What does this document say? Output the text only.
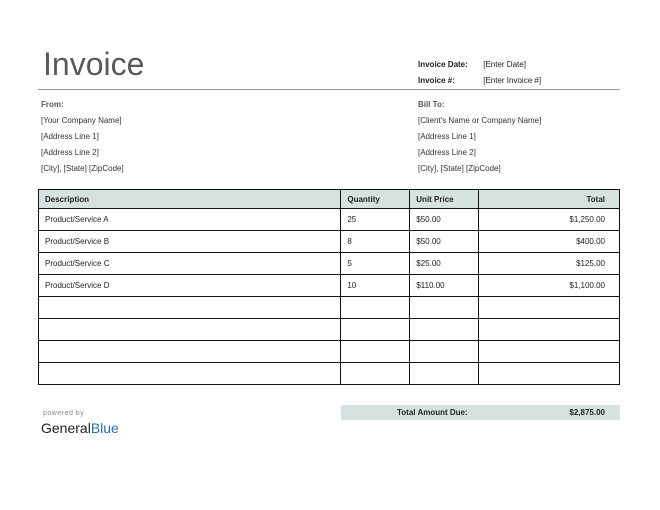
Invoice	Invoice Date: [Enter Date]
Invoice #:	[Enter Invoice #]
From:
[Your Company Name]
[Address Line 1]
[Address Line 2]
[City], [State] [ZipCode]
Bill To:
[Client's Name or Company Name]
[Address Line 1]
[Address Line 2]
[City], [State] [ZipCode]
Description	Quantity	Unit Price	Total
Product/Service A	25	$50.00	$1,250.00
Product/Service B	8	$50.00	$400.00
Product/Service C	5	$25.00	$125.00
Product/Service D	10	$110.00	$1,100.00

Total Amount Due:	$2,875.00
powered by
GeneralBlue
